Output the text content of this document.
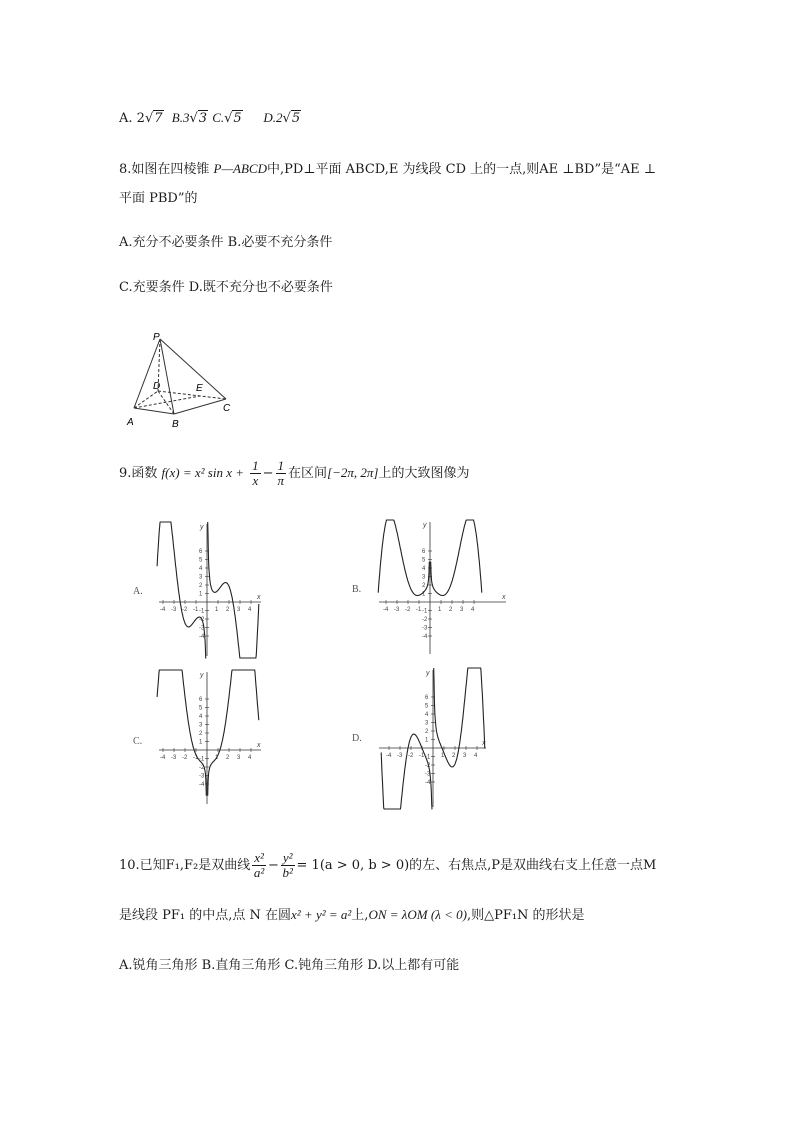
A. 2√7 B.3√3 C.√5 D.2√5
8.如图在四棱锥 P—ABCD中,PD⊥平面 ABCD,E 为线段 CD 上的一点,则AE ⊥BD”是“AE ⊥
平面 PBD”的
A.充分不必要条件 B.必要不充分条件
C.充要条件 D.既不充分也不必要条件
P
D	E
A	B
C
9.函数 f(x) = x² $\sin x + \frac{1}{x} - \frac{1}{\pi}$ 在区间[−2π, 2π]上的大致图像为
A.	B.
C.	D.
-4 -3 -2 -1	1 2 3 4
-4
-3
-2
-1
1
2
3
4
5
6
x
y
-4 -3 -2 -1	1 2 3 4
-4
-3
-2
-1
1
2
3
4
5
6
x
y
-4 -3 -2 -1	1 2 3 4
-4
-3
-2
-1
1
2
3
4
5
6
x
y
-4 -3 -2 -1	1 2 3 4
-4
-3
-2
-1
1
2
3
4
5
6
x
y
10.已知F₁,F₂是双曲线 $\frac{\text{x²}}{\text{a²}} - \frac{\text{y²}}{\text{b²}} = 1(a > 0$, b > 0)的左、右焦点,P是双曲线右支上任意一点M
是线段 PF₁ 的中点,点 N 在圆x² + y² = a²上,ON = λOM (λ < 0),则△PF₁N 的形状是
A.锐角三角形 B.直角三角形 C.钝角三角形 D.以上都有可能
